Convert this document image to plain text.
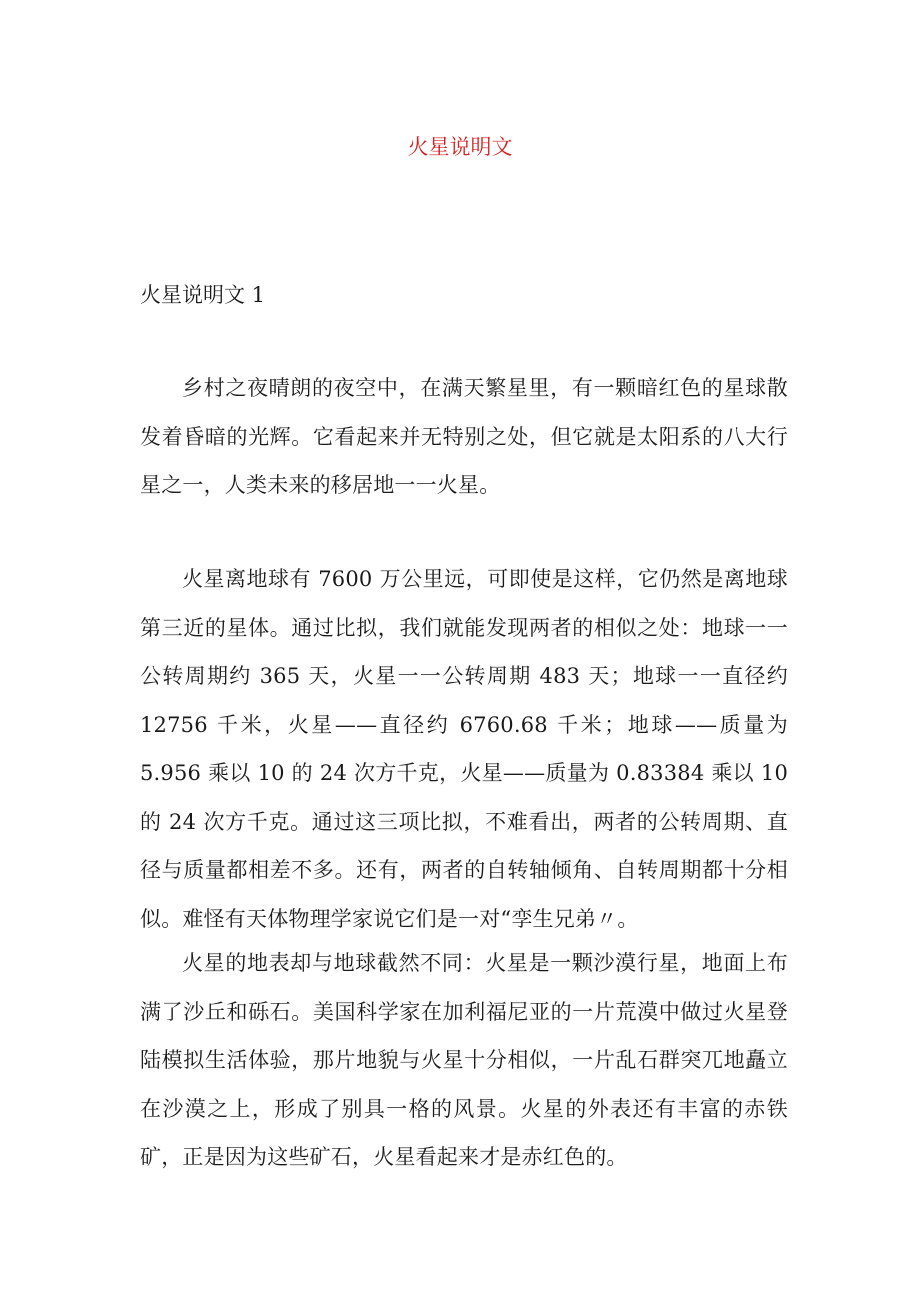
火星说明文
火星说明文 1

乡村之夜晴朗的夜空中，在满天繁星里，有一颗暗红色的星球散发着昏暗的光辉。它看起来并无特别之处，但它就是太阳系的八大行星之一，人类未来的移居地一一火星。

火星离地球有 7600 万公里远，可即使是这样，它仍然是离地球第三近的星体。通过比拟，我们就能发现两者的相似之处：地球一一公转周期约 365 天，火星一一公转周期 483 天；地球一一直径约 12756 千米，火星——直径约 6760.68 千米；地球——质量为 5.956 乘以 10 的 24 次方千克，火星——质量为 0.83384 乘以 10 的 24 次方千克。通过这三项比拟，不难看出，两者的公转周期、直径与质量都相差不多。还有，两者的自转轴倾角、自转周期都十分相似。难怪有天体物理学家说它们是一对“孪生兄弟〃。

火星的地表却与地球截然不同：火星是一颗沙漠行星，地面上布满了沙丘和砾石。美国科学家在加利福尼亚的一片荒漠中做过火星登陆模拟生活体验，那片地貌与火星十分相似，一片乱石群突兀地矗立在沙漠之上，形成了别具一格的风景。火星的外表还有丰富的赤铁矿，正是因为这些矿石，火星看起来才是赤红色的。
